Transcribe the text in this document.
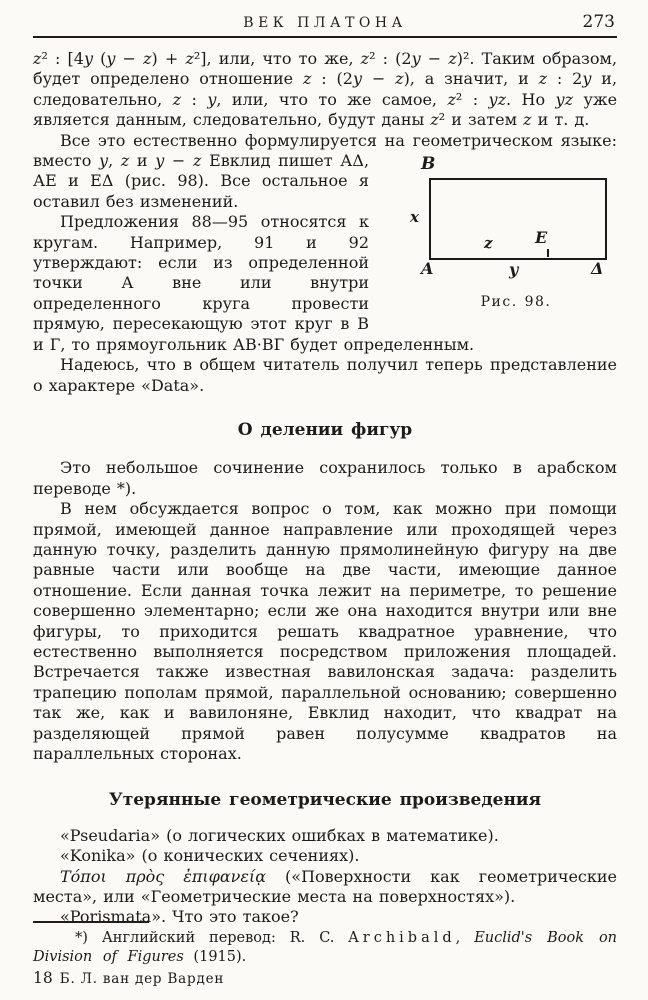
ВЕК ПЛАТОНА	273

z² : [4y (y − z) + z²], или, что то же, z² : (2y − z)². Таким образом, будет определено отношение z : (2y − z), а значит, и z : 2y и, следовательно, z : y, или, что то же самое, z² : yz. Но yz уже является данным, следовательно, будут даны z² и затем z и т. д.

Все это естественно формулируется на геометрическом языке:
B
x
A	Δ
z	E
y
Рис. 98.
вместо y, z и y − z Евклид пишет АΔ, АЕ и ЕΔ (рис. 98). Все остальное я оставил без изменений.

Предложения 88—95 относятся к кругам. Например, 91 и 92 утверждают: если из определенной точки А вне или внутри определенного круга провести прямую, пересекающую этот круг в В и Г, то прямоугольник АВ·ВГ будет определенным.

Надеюсь, что в общем читатель получил теперь представление о характере «Data».

О делении фигур

Это небольшое сочинение сохранилось только в арабском переводе *).

В нем обсуждается вопрос о том, как можно при помощи прямой, имеющей данное направление или проходящей через данную точку, разделить данную прямолинейную фигуру на две равные части или вообще на две части, имеющие данное отношение. Если данная точка лежит на периметре, то решение совершенно элементарно; если же она находится внутри или вне фигуры, то приходится решать квадратное уравнение, что естественно выполняется посредством приложения площадей. Встречается также известная вавилонская задача: разделить трапецию пополам прямой, параллельной основанию; совершенно так же, как и вавилоняне, Евклид находит, что квадрат на разделяющей прямой равен полусумме квадратов на параллельных сторонах.

Утерянные геометрические произведения

«Pseudaria» (о логических ошибках в математике).

«Konika» (о конических сечениях).

Τόποι πρὸς ἐπιφανείᾳ («Поверхности как геометрические места», или «Геометрические места на поверхностях»).

«Porismata». Что это такое?

*) Английский перевод: R. C. Archibald, Euclid's Book on Division of Figures (1915).

18 Б. Л. ван дер Варден
